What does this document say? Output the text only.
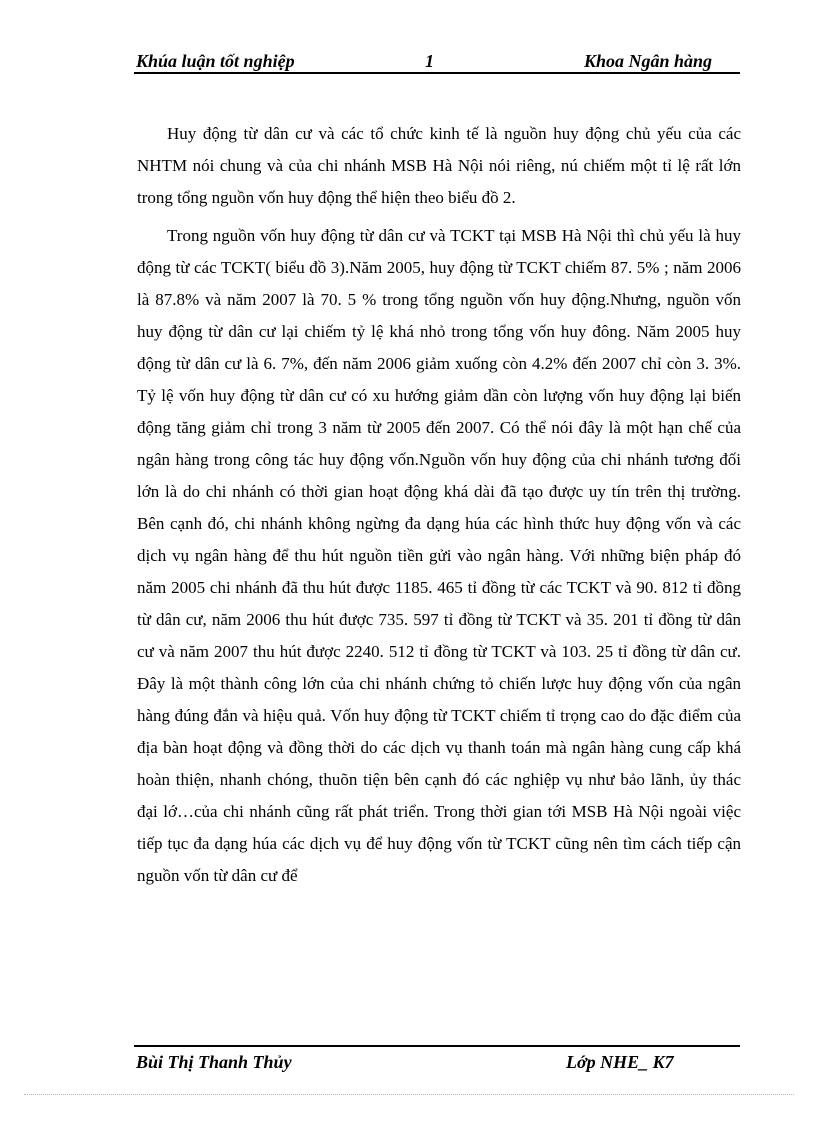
Khúa luận tốt nghiệp	1	Khoa Ngân hàng

Huy động từ dân cư và các tổ chức kinh tế là nguồn huy động chủ yếu của các NHTM nói chung và của chi nhánh MSB Hà Nội nói riêng, nú chiếm một tỉ lệ rất lớn trong tổng nguồn vốn huy động thể hiện theo biểu đồ 2.

Trong nguồn vốn huy động từ dân cư và TCKT tại MSB Hà Nội thì chủ yếu là huy động từ các TCKT( biểu đồ 3).Năm 2005, huy động từ TCKT chiếm 87. 5% ; năm 2006 là 87.8% và năm 2007 là 70. 5 % trong tổng nguồn vốn huy động.Nhưng, nguồn vốn huy động từ dân cư lại chiếm tỷ lệ khá nhỏ trong tổng vốn huy đông. Năm 2005 huy động từ dân cư là 6. 7%, đến năm 2006 giảm xuống còn 4.2% đến 2007 chỉ còn 3. 3%. Tỷ lệ vốn huy động từ dân cư có xu hướng giảm dần còn lượng vốn huy động lại biến động tăng giảm chỉ trong 3 năm từ 2005 đến 2007. Có thể nói đây là một hạn chế của ngân hàng trong công tác huy động vốn.Nguồn vốn huy động của chi nhánh tương đối lớn là do chi nhánh có thời gian hoạt động khá dài đã tạo được uy tín trên thị trường. Bên cạnh đó, chi nhánh không ngừng đa dạng húa các hình thức huy động vốn và các dịch vụ ngân hàng để thu hút nguồn tiền gửi vào ngân hàng. Với những biện pháp đó năm 2005 chi nhánh đã thu hút được 1185. 465 tỉ đồng từ các TCKT và 90. 812 tỉ đồng từ dân cư, năm 2006 thu hút được 735. 597 tỉ đồng từ TCKT và 35. 201 tỉ đồng từ dân cư và năm 2007 thu hút được 2240. 512 tỉ đồng từ TCKT và 103. 25 tỉ đồng từ dân cư. Đây là một thành công lớn của chi nhánh chứng tỏ chiến lược huy động vốn của ngân hàng đúng đắn và hiệu quả. Vốn huy động từ TCKT chiếm tỉ trọng cao do đặc điểm của địa bàn hoạt động và đồng thời do các dịch vụ thanh toán mà ngân hàng cung cấp khá hoàn thiện, nhanh chóng, thuõn tiện bên cạnh đó các nghiệp vụ như bảo lãnh, ủy thác đại lớ…của chi nhánh cũng rất phát triển. Trong thời gian tới MSB Hà Nội ngoài việc tiếp tục đa dạng húa các dịch vụ để huy động vốn từ TCKT cũng nên tìm cách tiếp cận nguồn vốn từ dân cư để

Bùi Thị Thanh Thủy	Lớp NHE_ K7
